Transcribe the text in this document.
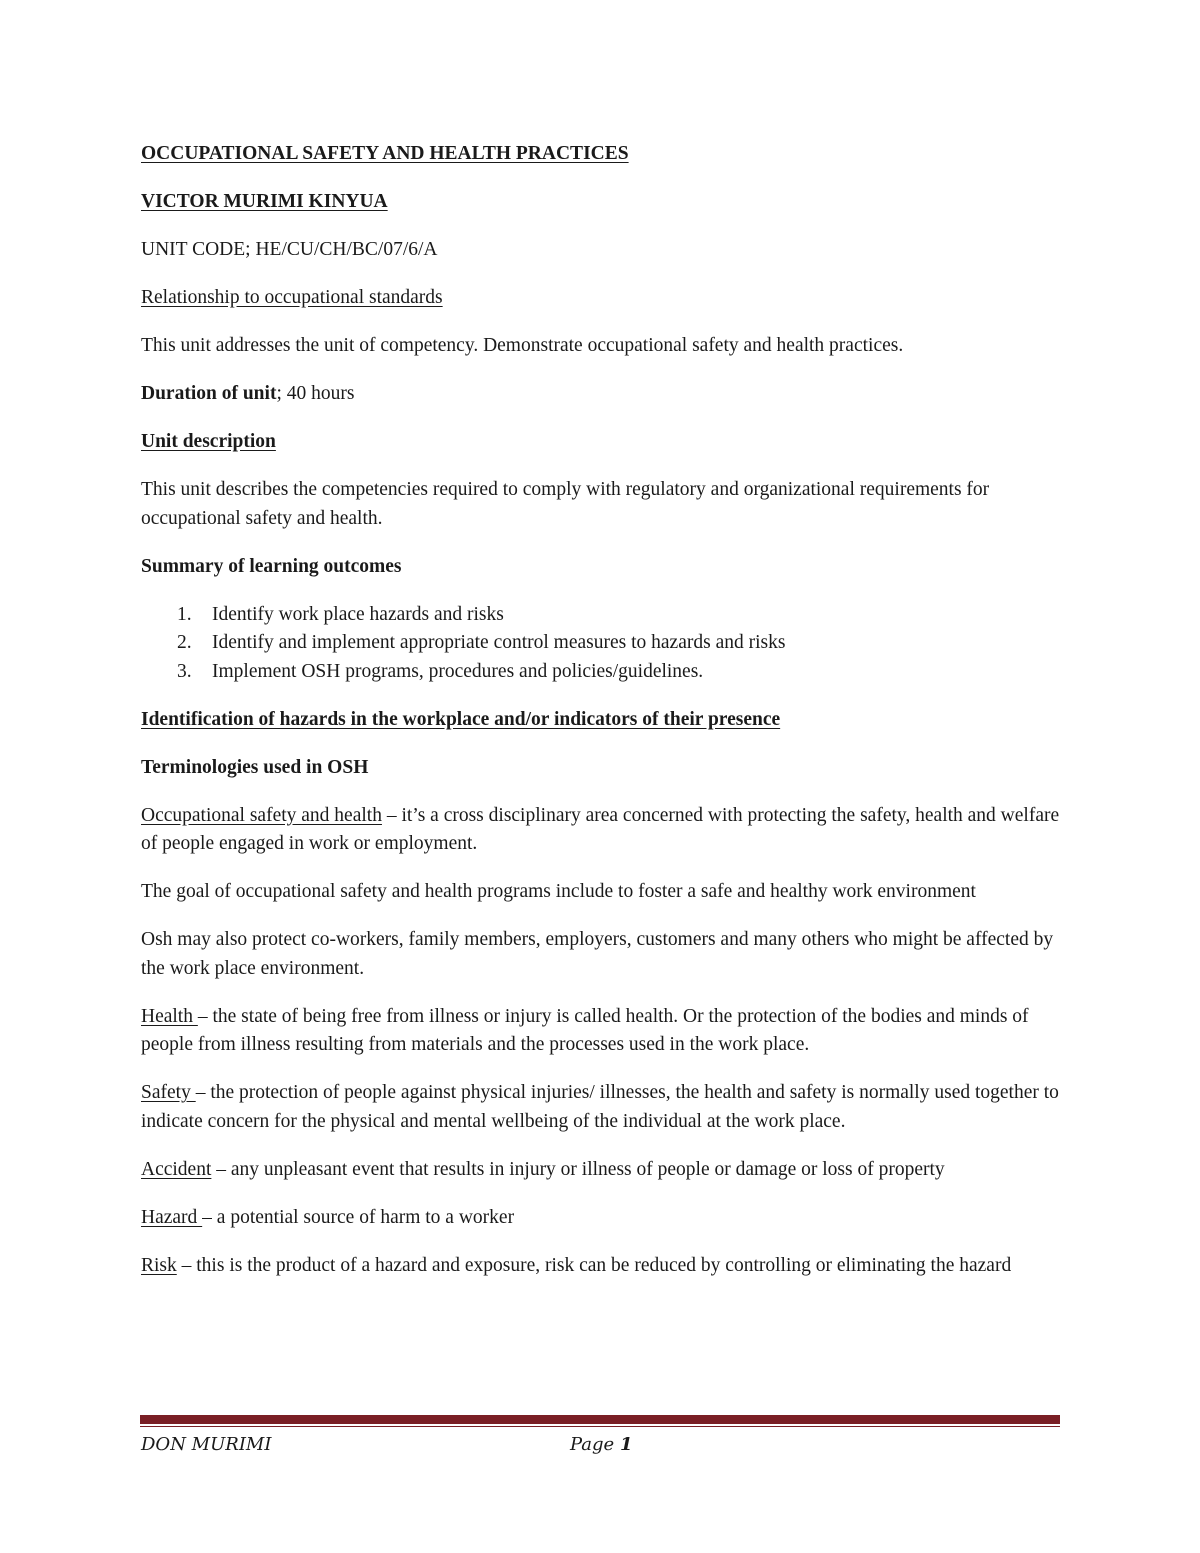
OCCUPATIONAL SAFETY AND HEALTH PRACTICES

VICTOR MURIMI KINYUA

UNIT CODE; HE/CU/CH/BC/07/6/A

Relationship to occupational standards

This unit addresses the unit of competency. Demonstrate occupational safety and health practices.

Duration of unit; 40 hours

Unit description

This unit describes the competencies required to comply with regulatory and organizational requirements for occupational safety and health.

Summary of learning outcomes

1. Identify work place hazards and risks
2. Identify and implement appropriate control measures to hazards and risks
3. Implement OSH programs, procedures and policies/guidelines.

Identification of hazards in the workplace and/or indicators of their presence

Terminologies used in OSH

Occupational safety and health – it’s a cross disciplinary area concerned with protecting the safety, health and welfare of people engaged in work or employment.

The goal of occupational safety and health programs include to foster a safe and healthy work environment

Osh may also protect co-workers, family members, employers, customers and many others who might be affected by the work place environment.

Health – the state of being free from illness or injury is called health. Or the protection of the bodies and minds of people from illness resulting from materials and the processes used in the work place.

Safety – the protection of people against physical injuries/ illnesses, the health and safety is normally used together to indicate concern for the physical and mental wellbeing of the individual at the work place.

Accident – any unpleasant event that results in injury or illness of people or damage or loss of property

Hazard – a potential source of harm to a worker

Risk – this is the product of a hazard and exposure, risk can be reduced by controlling or eliminating the hazard

DON MURIMI	Page 1
